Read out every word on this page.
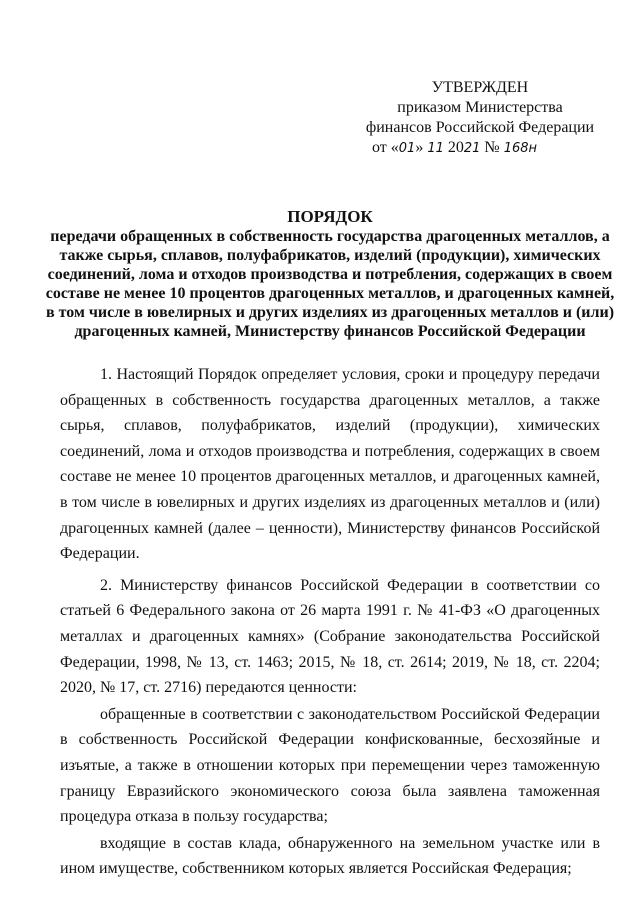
УТВЕРЖДЕН
приказом Министерства
финансов Российской Федерации
от «01» 11 2021 № 168н
ПОРЯДОК
передачи обращенных в собственность государства драгоценных металлов, а также сырья, сплавов, полуфабрикатов, изделий (продукции), химических соединений, лома и отходов производства и потребления, содержащих в своем составе не менее 10 процентов драгоценных металлов, и драгоценных камней, в том числе в ювелирных и других изделиях из драгоценных металлов и (или) драгоценных камней, Министерству финансов Российской Федерации

1. Настоящий Порядок определяет условия, сроки и процедуру передачи обращенных в собственность государства драгоценных металлов, а также сырья, сплавов, полуфабрикатов, изделий (продукции), химических соединений, лома и отходов производства и потребления, содержащих в своем составе не менее 10 процентов драгоценных металлов, и драгоценных камней, в том числе в ювелирных и других изделиях из драгоценных металлов и (или) драгоценных камней (далее – ценности), Министерству финансов Российской Федерации.

2. Министерству финансов Российской Федерации в соответствии со статьей 6 Федерального закона от 26 марта 1991 г. № 41-ФЗ «О драгоценных металлах и драгоценных камнях» (Собрание законодательства Российской Федерации, 1998, № 13, ст. 1463; 2015, № 18, ст. 2614; 2019, № 18, ст. 2204; 2020, № 17, ст. 2716) передаются ценности:

обращенные в соответствии с законодательством Российской Федерации в собственность Российской Федерации конфискованные, бесхозяйные и изъятые, а также в отношении которых при перемещении через таможенную границу Евразийского экономического союза была заявлена таможенная процедура отказа в пользу государства;

входящие в состав клада, обнаруженного на земельном участке или в ином имуществе, собственником которых является Российская Федерация;
